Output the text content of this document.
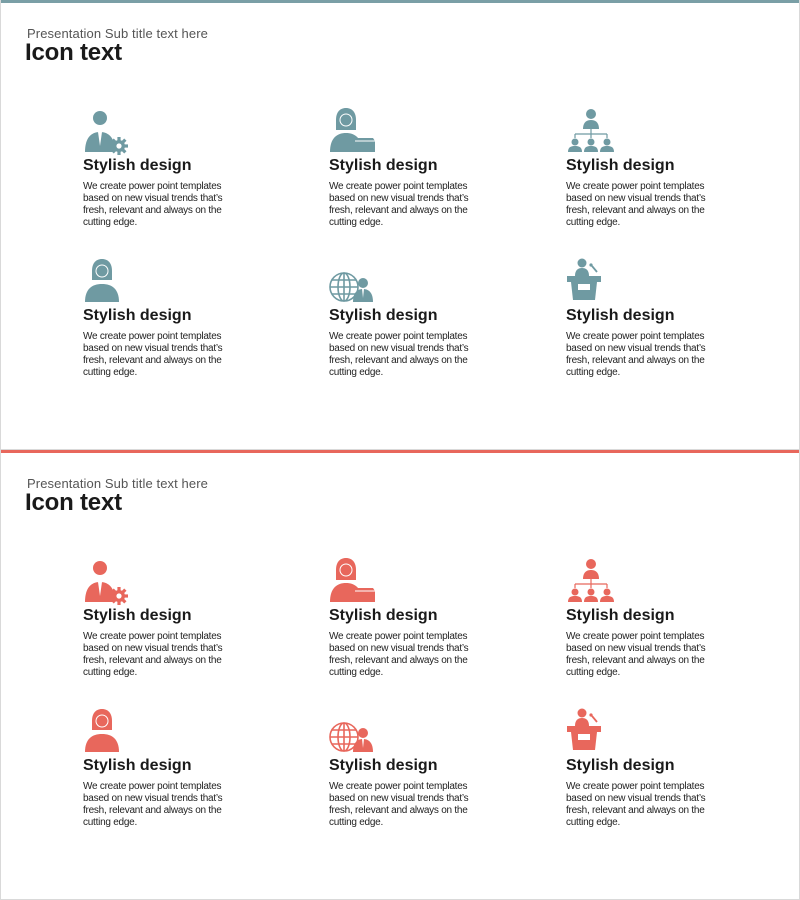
Presentation Sub title text here
Icon text
Stylish design
We create power point templates based on new visual trends that’s fresh, relevant and always on the cutting edge.
Stylish design
We create power point templates based on new visual trends that’s fresh, relevant and always on the cutting edge.
Stylish design
We create power point templates based on new visual trends that’s fresh, relevant and always on the cutting edge.
Stylish design
We create power point templates based on new visual trends that’s fresh, relevant and always on the cutting edge.
Stylish design
We create power point templates based on new visual trends that’s fresh, relevant and always on the cutting edge.
Stylish design
We create power point templates based on new visual trends that’s fresh, relevant and always on the cutting edge.
Presentation Sub title text here
Icon text
Stylish design
We create power point templates based on new visual trends that’s fresh, relevant and always on the cutting edge.
Stylish design
We create power point templates based on new visual trends that’s fresh, relevant and always on the cutting edge.
Stylish design
We create power point templates based on new visual trends that’s fresh, relevant and always on the cutting edge.
Stylish design
We create power point templates based on new visual trends that’s fresh, relevant and always on the cutting edge.
Stylish design
We create power point templates based on new visual trends that’s fresh, relevant and always on the cutting edge.
Stylish design
We create power point templates based on new visual trends that’s fresh, relevant and always on the cutting edge.
